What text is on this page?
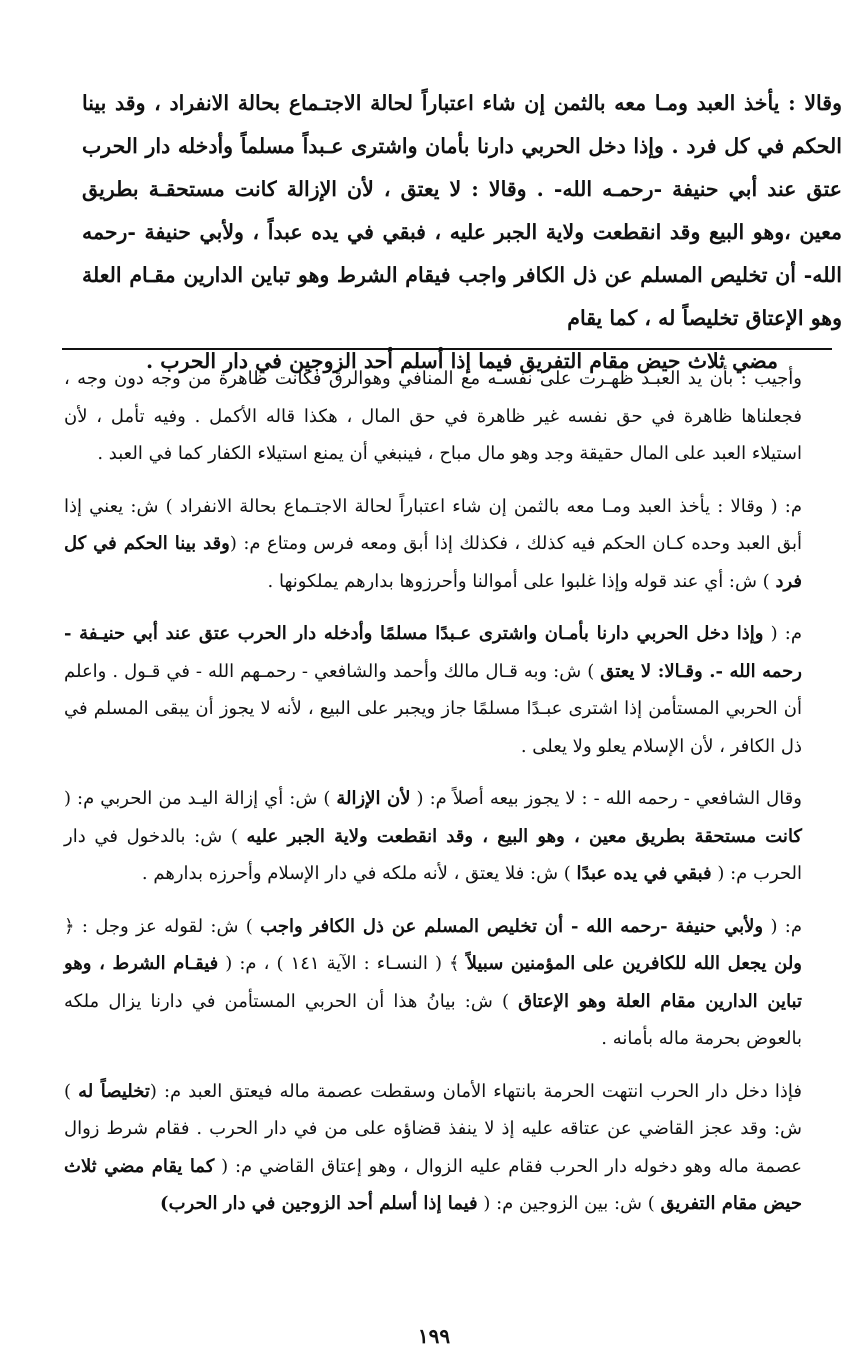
وقالا : يأخذ العبد ومـا معه بالثمن إن شاء اعتباراً لحالة الاجتـماع بحالة الانفراد ، وقد بينا الحكم في كل فرد . وإذا دخل الحربي دارنا بأمان واشترى عـبداً مسلماً وأدخله دار الحرب عتق عند أبي حنيفة -رحمـه الله- . وقالا : لا يعتق ، لأن الإزالة كانت مستحقـة بطريق معين ،وهو البيع وقد انقطعت ولاية الجبر عليه ، فبقي في يده عبداً ، ولأبي حنيفة -رحمه الله- أن تخليص المسلم عن ذل الكافر واجب فيقام الشرط وهو تباين الدارين مقـام العلة وهو الإعتاق تخليصاً له ، كما يقام

مضي ثلاث حيض مقام التفريق فيما إذا أسلم أحد الزوجين في دار الحرب .

وأجيب : بأن يد العبـد ظهـرت على نفسـه مع المنافي وهوالرق فكانت ظاهرة من وجه دون وجه ، فجعلناها ظاهرة في حق نفسه غير ظاهرة في حق المال ، هكذا قاله الأكمل . وفيه تأمل ، لأن استيلاء العبد على المال حقيقة وجد وهو مال مباح ، فينبغي أن يمنع استيلاء الكفار كما في العبد .

م: ( وقالا : يأخذ العبد ومـا معه بالثمن إن شاء اعتباراً لحالة الاجتـماع بحالة الانفراد ) ش: يعني إذا أبق العبد وحده كـان الحكم فيه كذلك ، فكذلك إذا أبق ومعه فرس ومتاع م: (وقد بينا الحكم في كل فرد ) ش: أي عند قوله وإذا غلبوا على أموالنا وأحرزوها بدارهم يملكونها .

م: ( وإذا دخل الحربي دارنا بأمـان واشترى عـبدًا مسلمًا وأدخله دار الحرب عتق عند أبي حنيـفة - رحمه الله -. وقـالا: لا يعتق ) ش: وبه قـال مالك وأحمد والشافعي - رحمـهم الله - في قـول . واعلم أن الحربي المستأمن إذا اشترى عبـدًا مسلمًا جاز ويجبر على البيع ، لأنه لا يجوز أن يبقى المسلم في ذل الكافر ، لأن الإسلام يعلو ولا يعلى .

وقال الشافعي - رحمه الله - : لا يجوز بيعه أصلاً م: ( لأن الإزالة ) ش: أي إزالة اليـد من الحربي م: ( كانت مستحقة بطريق معين ، وهو البيع ، وقد انقطعت ولاية الجبر عليه ) ش: بالدخول في دار الحرب م: ( فبقي في يده عبدًا ) ش: فلا يعتق ، لأنه ملكه في دار الإسلام وأحرزه بدارهم .

م: ( ولأبي حنيفة -رحمه الله - أن تخليص المسلم عن ذل الكافر واجب ) ش: لقوله عز وجل : ﴿ ولن يجعل الله للكافرين على المؤمنين سبيلاً ﴾ ( النسـاء : الآية ١٤١ ) ، م: ( فيقـام الشرط ، وهو تباين الدارين مقام العلة وهو الإعتاق ) ش: بيانُ هذا أن الحربي المستأمن في دارنا يزال ملكه بالعوض بحرمة ماله بأمانه .

فإذا دخل دار الحرب انتهت الحرمة بانتهاء الأمان وسقطت عصمة ماله فيعتق العبد م: (تخليصاً له ) ش: وقد عجز القاضي عن عتاقه عليه إذ لا ينفذ قضاؤه على من في دار الحرب . فقام شرط زوال عصمة ماله وهو دخوله دار الحرب فقام عليه الزوال ، وهو إعتاق القاضي م: ( كما يقام مضي ثلاث حيض مقام التفريق ) ش: بين الزوجين م: ( فيما إذا أسلم أحد الزوجين في دار الحرب)

١٩٩
